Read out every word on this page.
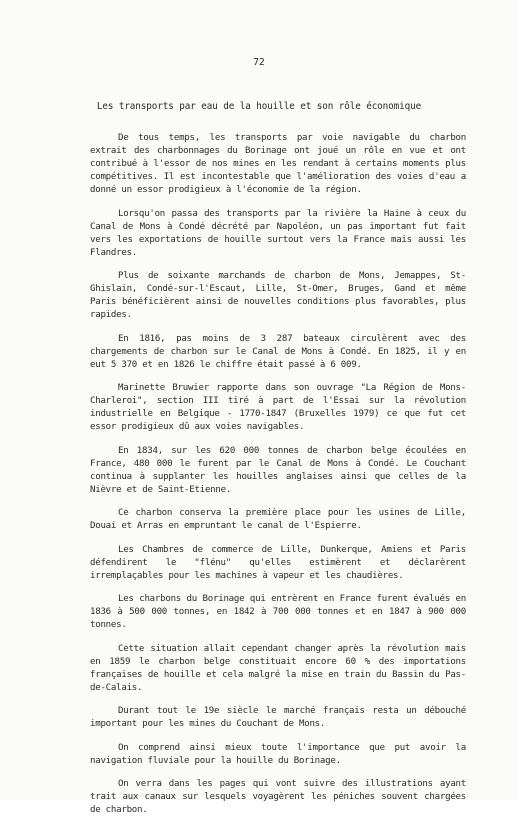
72
Les transports par eau de la houille et son rôle économique

De tous temps, les transports par voie navigable du charbon extrait des charbonnages du Borinage ont joué un rôle en vue et ont contribué à l'essor de nos mines en les rendant à certains moments plus compétitives. Il est incontestable que l'amélioration des voies d'eau a donné un essor prodigieux à l'économie de la région.

Lorsqu'on passa des transports par la rivière la Haine à ceux du Canal de Mons à Condé décrété par Napoléon, un pas important fut fait vers les exportations de houille surtout vers la France mais aussi les Flandres.

Plus de soixante marchands de charbon de Mons, Jemappes, St-Ghislain, Condé-sur-l'Escaut, Lille, St-Omer, Bruges, Gand et même Paris bénéficièrent ainsi de nouvelles conditions plus favorables, plus rapides.

En 1816, pas moins de 3 287 bateaux circulèrent avec des chargements de charbon sur le Canal de Mons à Condé. En 1825, il y en eut 5 370 et en 1826 le chiffre était passé à 6 009.

Marinette Bruwier rapporte dans son ouvrage "La Région de Mons-Charleroi", section III tiré à part de l'Essai sur la révolution industrielle en Belgique - 1770-1847 (Bruxelles 1979) ce que fut cet essor prodigieux dû aux voies navigables.

En 1834, sur les 620 000 tonnes de charbon belge écoulées en France, 480 000 le furent par le Canal de Mons à Condé. Le Couchant continua à supplanter les houilles anglaises ainsi que celles de la Nièvre et de Saint-Etienne.

Ce charbon conserva la première place pour les usines de Lille, Douai et Arras en empruntant le canal de l'Espierre.

Les Chambres de commerce de Lille, Dunkerque, Amiens et Paris défendirent le "flénu" qu'elles estimèrent et déclarèrent irremplaçables pour les machines à vapeur et les chaudières.

Les charbons du Borinage qui entrèrent en France furent évalués en 1836 à 500 000 tonnes, en 1842 à 700 000 tonnes et en 1847 à 900 000 tonnes.

Cette situation allait cependant changer après la révolution mais en 1859 le charbon belge constituait encore 60 % des importations françaises de houille et cela malgré la mise en train du Bassin du Pas-de-Calais.

Durant tout le 19e siècle le marché français resta un débouché important pour les mines du Couchant de Mons.

On comprend ainsi mieux toute l'importance que put avoir la navigation fluviale pour la houille du Borinage.

On verra dans les pages qui vont suivre des illustrations ayant trait aux canaux sur lesquels voyagèrent les péniches souvent chargées de charbon.
